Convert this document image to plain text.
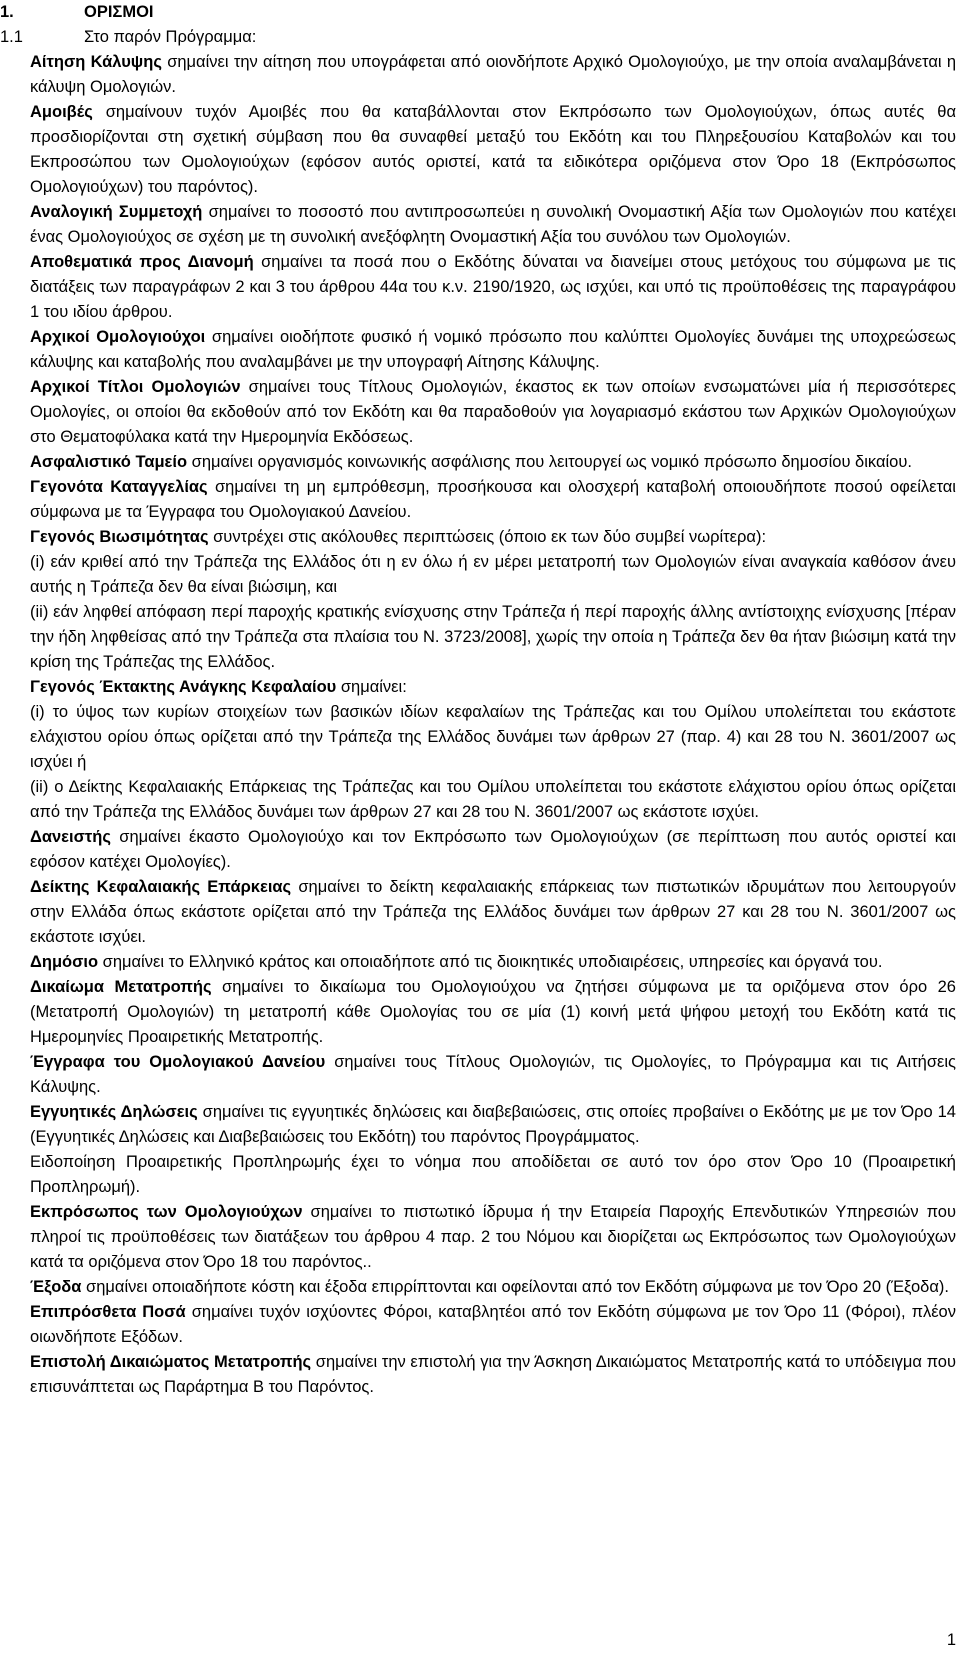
1.	ΟΡΙΣΜΟΙ
1.1	Στο παρόν Πρόγραμμα:

Αίτηση Κάλυψης σημαίνει την αίτηση που υπογράφεται από οιονδήποτε Αρχικό Ομολογιούχο, με την οποία αναλαμβάνεται η κάλυψη Ομολογιών.

Αμοιβές σημαίνουν τυχόν Αμοιβές που θα καταβάλλονται στον Εκπρόσωπο των Ομολογιούχων, όπως αυτές θα προσδιορίζονται στη σχετική σύμβαση που θα συναφθεί μεταξύ του Εκδότη και του Πληρεξουσίου Καταβολών και του Εκπροσώπου των Ομολογιούχων (εφόσον αυτός οριστεί, κατά τα ειδικότερα οριζόμενα στον Όρο 18 (Εκπρόσωπος Ομολογιούχων) του παρόντος).

Αναλογική Συμμετοχή σημαίνει το ποσοστό που αντιπροσωπεύει η συνολική Ονομαστική Αξία των Ομολογιών που κατέχει ένας Ομολογιούχος σε σχέση με τη συνολική ανεξόφλητη Ονομαστική Αξία του συνόλου των Ομολογιών.

Αποθεματικά προς Διανομή σημαίνει τα ποσά που ο Εκδότης δύναται να διανείμει στους μετόχους του σύμφωνα με τις διατάξεις των παραγράφων 2 και 3 του άρθρου 44α του κ.ν. 2190/1920, ως ισχύει, και υπό τις προϋποθέσεις της παραγράφου 1 του ιδίου άρθρου.

Αρχικοί Ομολογιούχοι σημαίνει οιοδήποτε φυσικό ή νομικό πρόσωπο που καλύπτει Ομολογίες δυνάμει της υποχρεώσεως κάλυψης και καταβολής που αναλαμβάνει με την υπογραφή Αίτησης Κάλυψης.

Αρχικοί Τίτλοι Ομολογιών σημαίνει τους Τίτλους Ομολογιών, έκαστος εκ των οποίων ενσωματώνει μία ή περισσότερες Ομολογίες, οι οποίοι θα εκδοθούν από τον Εκδότη και θα παραδοθούν για λογαριασμό εκάστου των Αρχικών Ομολογιούχων στο Θεματοφύλακα κατά την Ημερομηνία Εκδόσεως.

Ασφαλιστικό Ταμείο σημαίνει οργανισμός κοινωνικής ασφάλισης που λειτουργεί ως νομικό πρόσωπο δημοσίου δικαίου.

Γεγονότα Καταγγελίας σημαίνει τη μη εμπρόθεσμη, προσήκουσα και ολοσχερή καταβολή οποιουδήποτε ποσού οφείλεται σύμφωνα με τα Έγγραφα του Ομολογιακού Δανείου.

Γεγονός Βιωσιμότητας συντρέχει στις ακόλουθες περιπτώσεις (όποιο εκ των δύο συμβεί νωρίτερα):

(i) εάν κριθεί από την Τράπεζα της Ελλάδος ότι η εν όλω ή εν μέρει μετατροπή των Ομολογιών είναι αναγκαία καθόσον άνευ αυτής η Τράπεζα δεν θα είναι βιώσιμη, και

(ii) εάν ληφθεί απόφαση περί παροχής κρατικής ενίσχυσης στην Τράπεζα ή περί παροχής άλλης αντίστοιχης ενίσχυσης [πέραν την ήδη ληφθείσας από την Τράπεζα στα πλαίσια του Ν. 3723/2008], χωρίς την οποία η Τράπεζα δεν θα ήταν βιώσιμη κατά την κρίση της Τράπεζας της Ελλάδος.

Γεγονός Έκτακτης Ανάγκης Κεφαλαίου σημαίνει:

(i) το ύψος των κυρίων στοιχείων των βασικών ιδίων κεφαλαίων της Τράπεζας και του Ομίλου υπολείπεται του εκάστοτε ελάχιστου ορίου όπως ορίζεται από την Τράπεζα της Ελλάδος δυνάμει των άρθρων 27 (παρ. 4) και 28 του Ν. 3601/2007 ως ισχύει ή

(ii) ο Δείκτης Κεφαλαιακής Επάρκειας της Τράπεζας και του Ομίλου υπολείπεται του εκάστοτε ελάχιστου ορίου όπως ορίζεται από την Τράπεζα της Ελλάδος δυνάμει των άρθρων 27 και 28 του Ν. 3601/2007 ως εκάστοτε ισχύει.

Δανειστής σημαίνει έκαστο Ομολογιούχο και τον Εκπρόσωπο των Ομολογιούχων (σε περίπτωση που αυτός οριστεί και εφόσον κατέχει Ομολογίες).

Δείκτης Κεφαλαιακής Επάρκειας σημαίνει το δείκτη κεφαλαιακής επάρκειας των πιστωτικών ιδρυμάτων που λειτουργούν στην Ελλάδα όπως εκάστοτε ορίζεται από την Τράπεζα της Ελλάδος δυνάμει των άρθρων 27 και 28 του Ν. 3601/2007 ως εκάστοτε ισχύει.

Δημόσιο σημαίνει το Ελληνικό κράτος και οποιαδήποτε από τις διοικητικές υποδιαιρέσεις, υπηρεσίες και όργανά του.

Δικαίωμα Μετατροπής σημαίνει το δικαίωμα του Ομολογιούχου να ζητήσει σύμφωνα με τα οριζόμενα στον όρο 26 (Μετατροπή Ομολογιών) τη μετατροπή κάθε Ομολογίας του σε μία (1) κοινή μετά ψήφου μετοχή του Εκδότη κατά τις Ημερομηνίες Προαιρετικής Μετατροπής.

Έγγραφα του Ομολογιακού Δανείου σημαίνει τους Τίτλους Ομολογιών, τις Ομολογίες, το Πρόγραμμα και τις Αιτήσεις Κάλυψης.

Εγγυητικές Δηλώσεις σημαίνει τις εγγυητικές δηλώσεις και διαβεβαιώσεις, στις οποίες προβαίνει ο Εκδότης με με τον Όρο 14 (Εγγυητικές Δηλώσεις και Διαβεβαιώσεις του Εκδότη) του παρόντος Προγράμματος.

Ειδοποίηση Προαιρετικής Προπληρωμής έχει το νόημα που αποδίδεται σε αυτό τον όρο στον Όρο 10 (Προαιρετική Προπληρωμή).

Εκπρόσωπος των Ομολογιούχων σημαίνει το πιστωτικό ίδρυμα ή την Εταιρεία Παροχής Επενδυτικών Υπηρεσιών που πληροί τις προϋποθέσεις των διατάξεων του άρθρου 4 παρ. 2 του Νόμου και διορίζεται ως Εκπρόσωπος των Ομολογιούχων κατά τα οριζόμενα στον Όρο 18 του παρόντος..

Έξοδα σημαίνει οποιαδήποτε κόστη και έξοδα επιρρίπτονται και οφείλονται από τον Εκδότη σύμφωνα με τον Όρο 20 (Έξοδα).

Επιπρόσθετα Ποσά σημαίνει τυχόν ισχύοντες Φόροι, καταβλητέοι από τον Εκδότη σύμφωνα με τον Όρο 11 (Φόροι), πλέον οιωνδήποτε Εξόδων.

Επιστολή Δικαιώματος Μετατροπής σημαίνει την επιστολή για την Άσκηση Δικαιώματος Μετατροπής κατά το υπόδειγμα που επισυνάπτεται ως Παράρτημα Β του Παρόντος.

1
